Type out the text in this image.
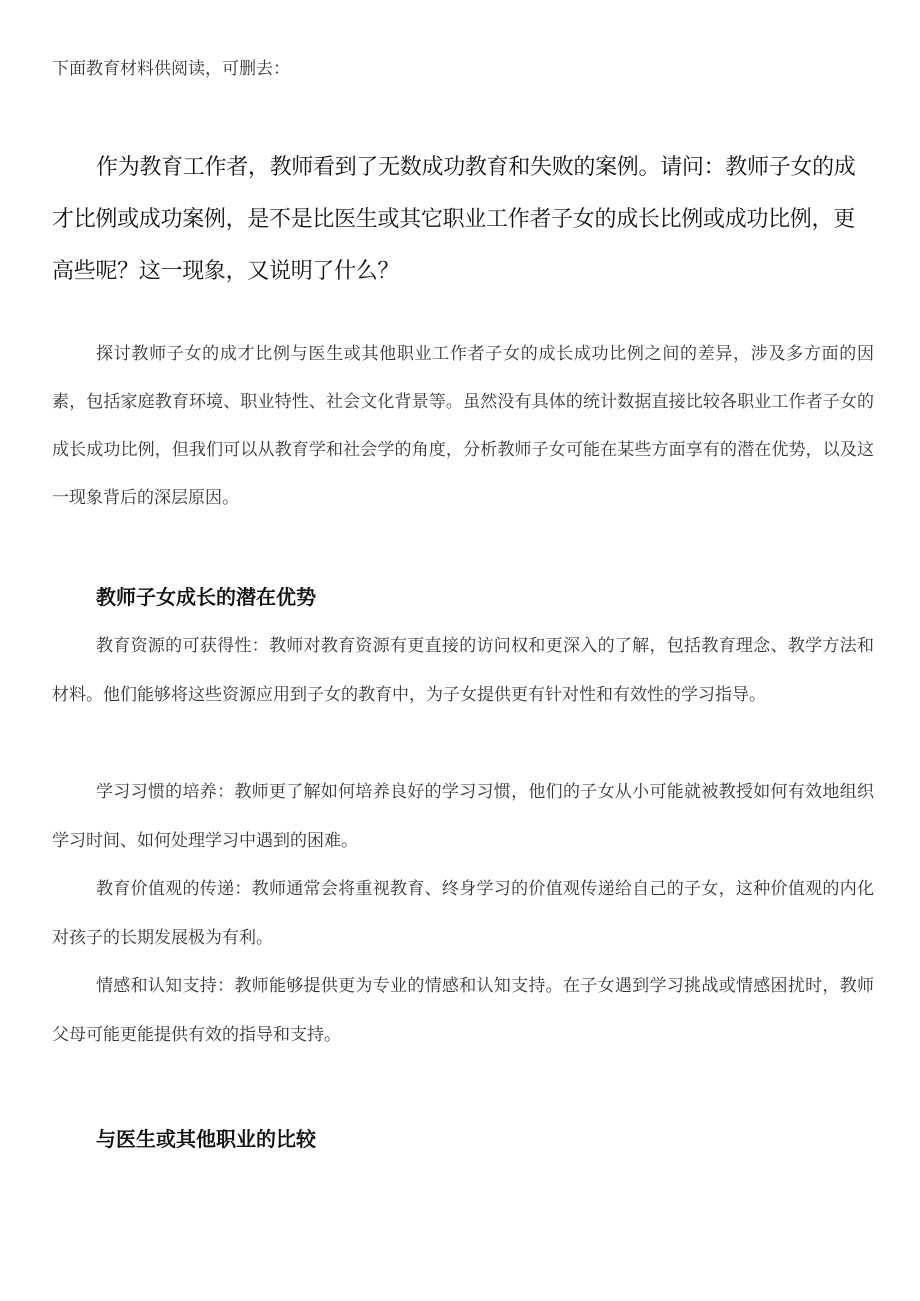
下面教育材料供阅读，可删去：

作为教育工作者，教师看到了无数成功教育和失败的案例。请问：教师子女的成才比例或成功案例，是不是比医生或其它职业工作者子女的成长比例或成功比例，更高些呢？这一现象，又说明了什么？

探讨教师子女的成才比例与医生或其他职业工作者子女的成长成功比例之间的差异，涉及多方面的因素，包括家庭教育环境、职业特性、社会文化背景等。虽然没有具体的统计数据直接比较各职业工作者子女的成长成功比例，但我们可以从教育学和社会学的角度，分析教师子女可能在某些方面享有的潜在优势，以及这一现象背后的深层原因。

教师子女成长的潜在优势

教育资源的可获得性：教师对教育资源有更直接的访问权和更深入的了解，包括教育理念、教学方法和材料。他们能够将这些资源应用到子女的教育中，为子女提供更有针对性和有效性的学习指导。

学习习惯的培养：教师更了解如何培养良好的学习习惯，他们的子女从小可能就被教授如何有效地组织学习时间、如何处理学习中遇到的困难。

教育价值观的传递：教师通常会将重视教育、终身学习的价值观传递给自己的子女，这种价值观的内化对孩子的长期发展极为有利。

情感和认知支持：教师能够提供更为专业的情感和认知支持。在子女遇到学习挑战或情感困扰时，教师父母可能更能提供有效的指导和支持。

与医生或其他职业的比较
